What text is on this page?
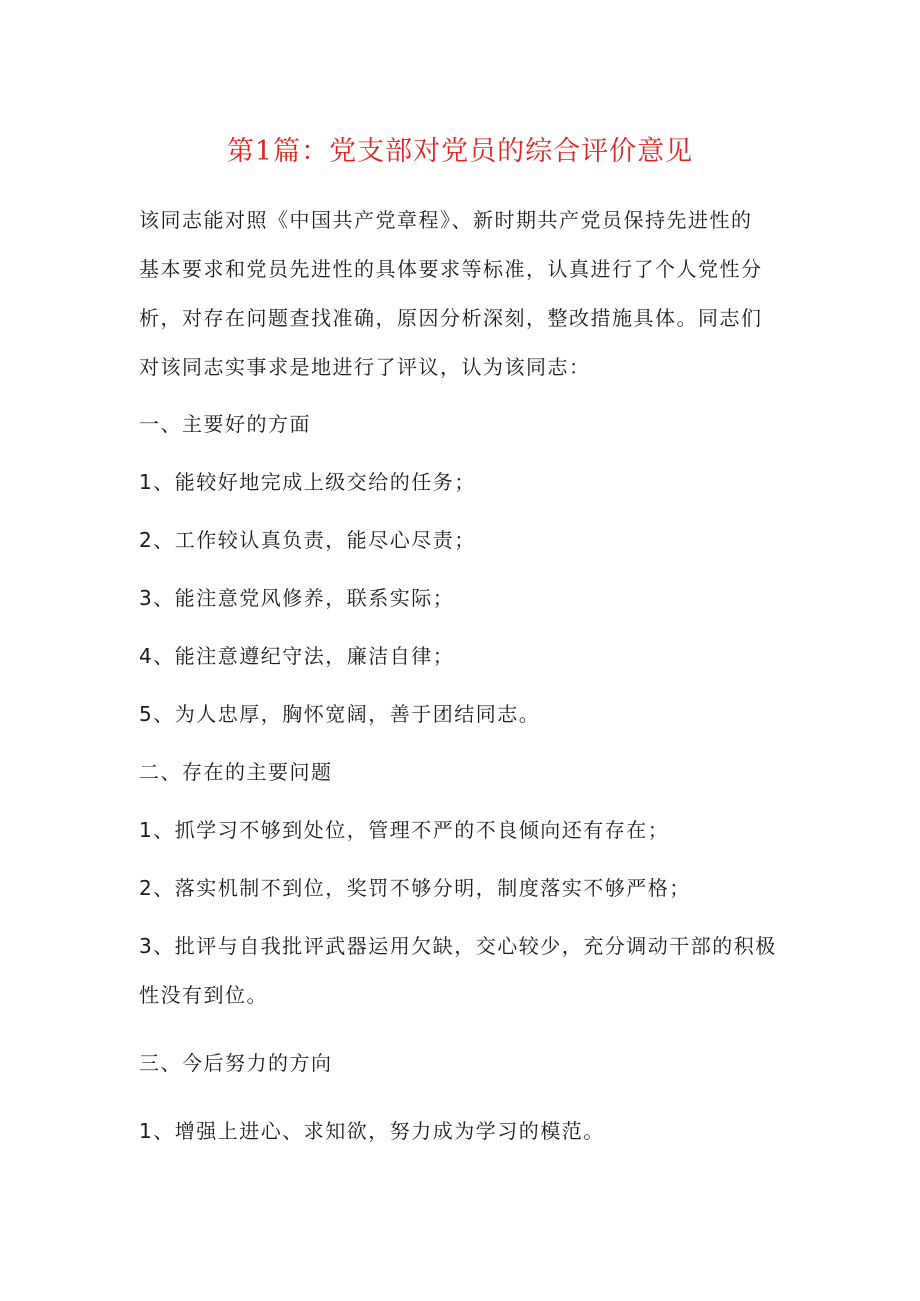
第1篇：党支部对党员的综合评价意见
该同志能对照《中国共产党章程》、新时期共产党员保持先进性的
基本要求和党员先进性的具体要求等标准，认真进行了个人党性分
析，对存在问题查找准确，原因分析深刻，整改措施具体。同志们
对该同志实事求是地进行了评议，认为该同志：
一、主要好的方面
1、能较好地完成上级交给的任务；
2、工作较认真负责，能尽心尽责；
3、能注意党风修养，联系实际；
4、能注意遵纪守法，廉洁自律；
5、为人忠厚，胸怀宽阔，善于团结同志。
二、存在的主要问题
1、抓学习不够到处位，管理不严的不良倾向还有存在；
2、落实机制不到位，奖罚不够分明，制度落实不够严格；
3、批评与自我批评武器运用欠缺，交心较少，充分调动干部的积极
性没有到位。
三、今后努力的方向
1、增强上进心、求知欲，努力成为学习的模范。
